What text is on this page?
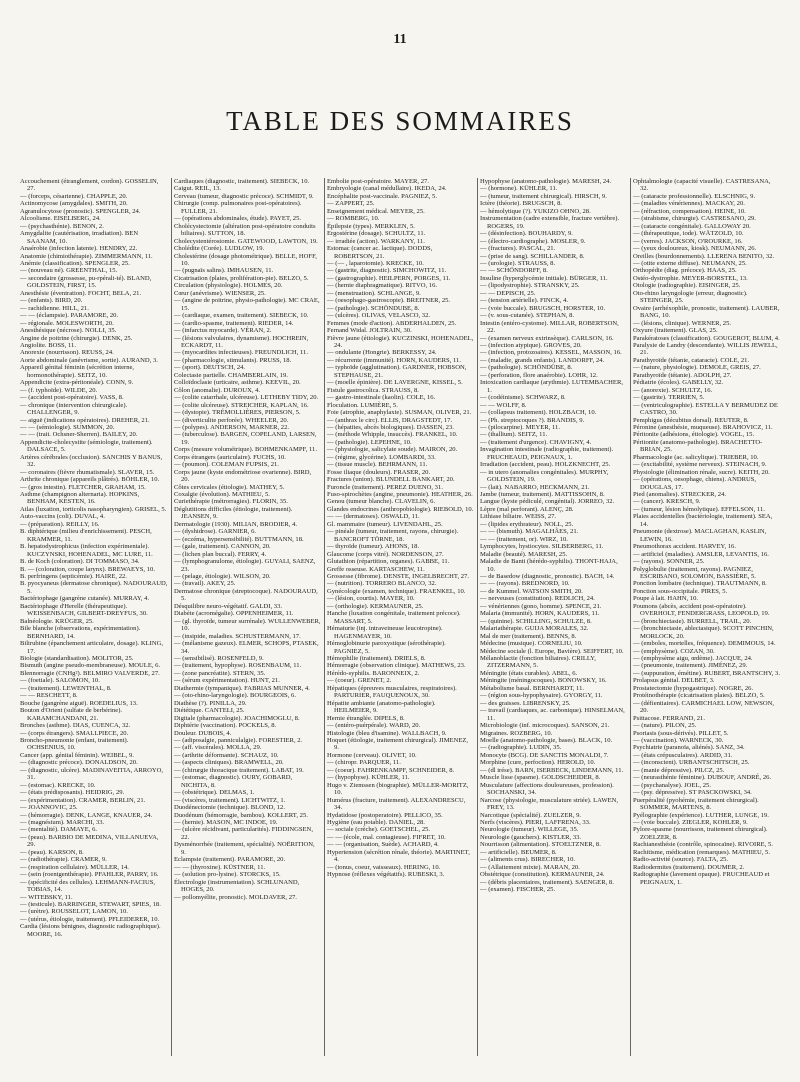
11
TABLE DES SOMMAIRES

Accouchement (étranglement, cordon). GOSSELIN, 27.

— (forceps, césarienne). CHAPPLE, 20.

Actinomycose (amygdales). SMITH, 20.

Agranulocytose (pronostic). SPENGLER, 24.

Alcoolisme. EISELBERG, 24.

— (psychasthénie). BENON, 2.

Amygdalite (cautérisation, irradiation). BEN SAANAM, 10.

Anaérobie (infection latente). HENDRY, 22.

Anatomie (chimiothérapie). ZIMMERMANN, 11.

Anémie (classification). SPENGLER, 25.

— (nouveau né). GREENTHAL, 15.

— secondaire (grossesse, pu-rpérali-té). BLAND, GOLDSTEIN, FIRST, 15.

Anesthésie (éventration). FOCHT, BELA, 21.

— (enfants). BIRD, 20.

— rachidienne. HILL, 21.

— — (éclampsie). PARAMORE, 20.

— régionale. MOLESWORTH, 20.

Anesthésique (nécrose). NOLLI, 35.

Angine de poitrine (chirurgie). DENK, 25.

Angiolite. BOSS, 11.

Anorexie (nourrisson). REUSS, 24.

Aorte abdominale (anévrisme, sortie). AURAND, 3.

Appareil génital féminin (sécrétion interne, hormonothérapie). SEITZ, 10.

Appendicite (extra-péritonéale). CONN, 9.

— (f. typhoïde). WILDE, 20.

— (accident post-opératoire). VASS, 8.

— chronique (intervention chirurgicale). CHALLENGER, 9.

— aiguë (indications opératoires). DREHER, 21.

— — (sémiologie). SUMMON, 20.

— — (trait. Ochsner-Sherren). BAILEY, 20.

Appendicite-cholecystite (sémiologie, traitement). DALSACE, 5.

Artères cérébrales (occlusion). SANCHIS Y BANUS, 32.

— coronaires (fièvre rhumatismale). SLAVER, 15.

Arthrite chronique (appareils plâtrés). BÖHLER, 10.

— (gros intestin). FLETCHER, GRAHAM, 15.

Asthme (champignon alternaria). HOPKINS, BENHAM, KESTEN, 16.

Atlas (luxation, torticolis nasopharyngien). GRISEL, 5.

Auto-vaccins (coli). DUVAL, 4.

— (préparation). REILLY, 16.

B. diphtérique (milieu d'enrichissement). PESCH, KRAMMER, 11.

B. hepatodystrophicus (infection expérimentale). KUCZYNSKI, HOHENADEL, MC LURE, 11.

B. de Koch (coloration). DI TOMMASO, 34.

B. — (coloration, coupe larynx). BREWAEYS, 10.

B. perfringens (septicémie). HAIRE, 22.

B. pyocyaneus (dermatose chronique). NADOURAUD, 5.

Bactériophage (gangrène cutanée). MURRAY, 4.

Bactériophage d'Herelle (thérapeutique). WEISSENBACH, GILBERT-DREYFUS, 30.

Balnéologie. KRÜGER, 25.

Bile blanche (observations, expérimentation). BERNHARD, 14.

Bilirubine (épanchement articulaire, dosage). KLING, 17.

Biologie (standardisation). MOLITOR, 25.

Bismuth (angine pseudo-membraneuse). MOULE, 6.

Blennorragie (CNHg²). BELMIRO VALVERDE, 27.

— (foetiale). SALOMON, 10.

— (traitement). LEWENTHAL, 8.

— — RESCHETT, 8.

Bouche (gangrène aiguë). ROEDELIUS, 13.

Bouton d'Orient (sulfate de berbérine). KARAMCHANDANI, 21.

Bronches (asthme). DIAS, CUENCA, 32.

— (corps étrangers). SMALLPIECE, 20.

Broncho-pneumonie (enfant, traitement). OCHSENIUS, 10.

Cancer (app. génital féminin). WEIBEL, 9.

— (diagnostic précoce). DONALDSON, 20.

— (diagnostic, ulcère). MADINAVEITIA, ARROYO, 31.

— (estomac). KRECKE, 10.

— (états prédisposants). HEIDRIG, 29.

— (expérimentation). CRAMER, BERLIN, 21.

— JOANNOVIC, 25.

— (hémorragie). DENK, LANGE, KNAUER, 24.

— (magnésium). MARCHI, 33.

— (mentalité). DAMAYE, 6.

— (peau). BARBIO DE MEDINA, VILLANUEVA, 29.

— (peau). KARSON, 8.

— (radiothérapie). CRAMER, 9.

— (respiration cellulaire). MÜLLER, 14.

— (sein (roentgenthérapie). PFAHLER, PARRY, 16.

— (spécificité des cellules). LEHMANN-FACIUS, TOBIAS, 14.

— WITEBSKY, 11.

— (testicule). BARRINGER, STEWART, SPIES, 18.

— (urètre). ROUSSELOT, LAMON, 10.

— (utérus, étiologie, traitement). PFLEIDERER, 10.

Cardia (lésions bénignes, diagnostic radiographique). MOORE, 16.

Cardiaques (diagnostic, traitement). SIEBECK, 10.

Caigut. REIL, 13.

Cerveau (tumeur, diagnostic précoce). SCHMIDT, 9.

Chirurgie (comp. pulmonaires post-opératoires). FULLER, 21.

— (opérations abdominales, étude). PAYET, 25.

Cholécystectomie (altération post-opératoire conduits biliaires). SUTTON, 18.

Cholecystentérostomie. GATEWOOD, LAWTON, 19.

Cholédite (Corée). LUDLOW, 19.

Cholestérine (dosage photométrique). BELLE, HOFF, 10.

— (pugnaïs salins). IMHAUSEN, 11.

Cicatrisation (plaies, prolifération-pie). BELZO, 5.

Circulation (physiologie). HOLMES, 20.

Cœur (anévrisme). WIENSER, 25.

— (angine de poitrine, physio-pathologie). MC CRAE, 15.

— (cardiaque, examen, traitement). SIEBECK, 10.

— (cardio-spasme, traitement). RIEDER, 14.

— (infarctus myocarde). VÉRAN, 2.

— (lésions valvulaires, dynamisme). HOCHREIN, ECKARDT, 11.

— (myocardites infectieuses). FREUNDLICH, 11.

— (pharmacologie, stimulants). PRUSS, 18.

— (sport). DEUTSCH, 24.

Colectasie partielle. CHAMBERLAIN, 19.

Colloïdoclasie (urticaire, asthme). KEEVIL, 20.

Côlon (anomalie). DUROUX, 4.

— (colite catarrhale, ulcéreuse). LETHEBY TIDY, 20.

— (colite ulcéreuse). STREICHER, KAPLAN, 16.

— (dystopie). TRÉMOLLIÈRES, PIERSON, 5.

— (diverticulite perforée). WHEELER, 20.

— (polypes). ANDERSON, MARNER, 22.

— (tuberculose). BARGEN, COPELAND, LARSEN, 19.

Corps (mesure volumétrique). BOHMENKAMPF, 11.

Corps étrangers (auriculaire). FUCHS, 10.

— (poumon). COLEMAN FUPSIS, 21.

Corps jaune (kyste endométriose ovarienne). BIRD, 20.

Côtes cervicales (étiologie). MATHEY, 5.

Coxalgie (évolution). MATHIEU, 5.

Curiethérapie (métrorragies). FLORIN, 35.

Déglutitions difficiles (étiologie, traitement). JEANSEN, 9.

Dermatologie (1930). MILIAN, BRODIER, 4.

— (dyshidrose). GARNIER, 6.

— (eczéma, hypersensibilité). BUTTMANN, 18.

— (gale, traitement). CANNON, 20.

— (lichen plan buccal). FERRY, 4.

— (lymphogranulome, étiologie). GUYALI, SAENZ, 23.

— (pelage, étiologie). WILSON, 20.

— (travail). AKEY, 25.

Dermatose chronique (streptocoque). NADOURAUD, 5.

Désquilibre neuro-végétatif. GALDI, 33.

Diabète (acromégalie). OPPENHEIMER, 11.

— (gl. thyroïde, tumeur surrénale). WULLENWEBER, 10.

— (insipide, maladies. SCHUSTERMANN, 17.

— (mélanisme gazeux). ELMER, SCHOPS, PTASEK, 34.

— (sensibilisé). ROSENFELD, 9.

— (traitement, hypophyse). ROSENBAUM, 11.

— (zone pancréatite). STERN, 35.

— (sérum expérimentation). HUNT, 21.

Diathermie (tympanique). FABRIAS MUNNER, 4.

— (oto-rhino-laryngologie). BOURGEOIS, 6.

Diathèse (?). PINILLA, 29.

Diététique. CANTELI, 25.

Digitale (pharmacologie). JOACHIMOGLU, 8.

Diphtérie (vaccination). POCKELS, 8.

Douleur. DUBOIS, 4.

— (adiposalgie, panniculalgie). FORESTIER, 2.

— (aff. viscérales). MOLLA, 29.

— (arthrite déformante). SCHAUZ, 10.

— (aspects cliniques). BRAMWELL, 20.

— (chirurgie thoracique traitement). LABAT, 19.

— (estomac, diagnostic). OURY, GOBARD, NICHITA, 8.

— (obstétrique). DELMAS, 1.

— (viscères, traitement). LICHTWITZ, 1.

Duodénectomie (technique). BLOND, 12.

Duodénum (hémorragie, bambou). KOLLERT, 25.

— (hernie). MASON, MC INDOE, 19.

— (ulcère récidivant, particularités). FIDDINGSEN, 22.

Dysménorrhée (traitement, spécialité). NOËRITION, 9.

Eclampsie (traitement). PARAMORE, 20.

— — (thyroxine). KÜSTNER, 11.

— (solution pro-lysine). STORCKS, 15.

Électrologie (instrumentation). SCHLUNAND, HOGES, 20.

— pollomyélite, pronostic). MOLDAVER, 27.

Embolie post-opératoire. MAYER, 27.

Embryologie (canal médullaire). IKEDA, 24.

Encéphalite post-vaccinale. PAGNIEZ, 5.

— ZAPPERT, 25.

Enseignement médical. MEYER, 25.

— ROMBERG, 10.

Épilepsie (types). MERKLEN, 5.

Ergostérine (dosage). SCHULTZ, 11.

— irradiée (action). WARKANY, 11.

Estomac (cancer ac. lactique). DODDS, ROBERTSON, 21.

— (— , laparotomie). KRECKE, 10.

— (gastrite, diagnostic). SIMCHOWITZ, 11.

— (gastrographie). HEILPERN, PORGES, 11.

— (hernie diaphragmatique). RITVO, 16.

— (menstruation). SCHLANGE, 9.

— (oesophago-gastroscopie). BREITNER, 25.

— (pathologie). SCHÖNDUBE, 8.

— (ulcères). OLIVAS, VELASCO, 32.

Femmes (mode d'action). ABDERHALDEN, 25.

Fernand Widal. JOLTRAIN, 30.

Fièvre jaune (étiologie). KUCZINSKI, HOHENADEL, 24.

— ondulante (Hongrie). BERKESSY, 24.

— récurrente (immunité). HORN, KAUDERS, 11.

— typhoïde (agglutination). GARDNER, HOBSON, STEPHAUSE, 21.

— (moelle épinière). DE LAVERGNE, KISSEL, 5.

Fistule gastrocolica. STRAUSS, 8.

— gastro-intestinale (kaolin). COLE, 16.

Floculation. LUMIÈRE, 5.

Foie (atrophie, anaphylaxie). SUSMAN, OLIVER, 21.

— (anthrax le circ). ELLIS, DRAGSTEDT, 17.

— (hépatites, abcès biologiques). DASSEN, 23.

— (méthode Whipple, insuccès). FRANKEL, 10.

— (pathologie). LEPEHNE, 10.

— (physiologie, salicylate soude). MAIRON, 20.

— (régime, glycérine). LOMBARDI, 33.

— (tissue muscle). BEHRMANN, 11.

Fosse iliaque (douleurs). FRASER, 20.

Fractures (union). BLUNDELL BANKART, 20.

Furoncle (traitement). PEREZ DUENO, 31.

Fuso-spirochètes (angine, pneumonie). HEATHER, 26.

Genou (tumeur blanche). CLAVELIN, 6.

Glandes endocrines (anthropobiologie). RIEBOLD, 10.

— — (dermatoses). OSWALD, 11.

Gl. mammaire (tumeur). LIVENDAHL, 25.

— pinéale (tumeur, traitement, rayons, chirurgie). BANCROFT TÖRNE, 18.

— thyroïde (tumeur). AHONS, 18.

Glaucome (corps vitré). NORDENSON, 27.

Glutathion (répartition, organes). GABBE, 11.

Greffe osseuse. KARTASCHEW, 11.

Grossesse (fibrome). DENSTE, INGELBRECHT, 27.

— (nutrition). TORRERO BLANCO, 32.

Gynécologie (examen, technique). FRAENKEL, 10.

— (lésion, courtis). MAYER, 10.

— (orthologie). KERMAUNER, 25.

Hanche (luxation congénitale, traitement précoce). MASSART, 5.

Hématurie (inj. intraveineuse leucotropine). HAGENMAYER, 10.

Hémoglobinurie paroxystique (sérothérapie). PAGNIEZ, 5.

Hémophilie (traitement). DRIELS, 8.

Hémorragie (observation clinique). MATHEWS, 23.

Hérédo-syphilis. BARONNEIX, 2.

— (coeur). GRENET, 2.

Hépatiques (épreuves musculaires, respiratoires). PARTURIER, FAUQUENOUX, 30.

Hépatite ambiante (anatomo-pathologie). HEILMEIER, 9.

Hernie étranglée. DIPELS, 8.

— (entéro-puérpérale). WARD, 20.

Histologie (bleu d'isamine). WALLBACH, 9.

Hoquet (étiologie, traitement chirurgical). JIMENEZ, 9.

Hormone (cerveau). OLIVET, 10.

— (chiropr. PARQUER, 11.

— (coeur). FAHRENKAMPF, SCHNEIDER, 8.

— (hypophyse). KÜHLER, 11.

Hugo v. Ziemssen (biographie). MÜLLER-MORITZ, 10.

Humérus (fracture, traitement). ALEXANDRESCU, 34.

Hydatidose (postoperatoire). PELLICO, 35.

Hygiène (eau potable). DANIEL, 28.

— sociale (crèche). GOETSCHEL, 25.

— — (école, mal. contagieuse). FIFRET, 10.

— — (organisation, Suède). ACHARD, 4.

Hypertension (sécrétion rénale, théorie). MARTINET, 4.

— (tonus, coeur, vaisseaux). HERING, 10.

Hypnose (réflexes végétatifs). RUBESKI, 3.

Hypophyse (anatomo-pathologie). MARESH, 24.

— (hormone). KÜHLER, 11.

— (tumeur, traitement chirurgical). HIRSCH, 9.

Ictère (théorie). BRUGSCH, 8.

— hémolytique (?). YUKIZO OHNO, 28.

Instrumentation (cadre extensible, fracture vertèbre). ROGERS, 19.

— (désinfection). BOUHARDY, 9.

— (électro-cardiographe). MOSLER, 9.

— (fractures). PASCAL, 21.

— (prise de sang). SCHILLANDER, 8.

— (urologie). STRAUSS, 8.

— — SCHÖNDORFF, 8.

Insuline (hyperglycémie initiale). BÜRGER, 11.

— (lipodystrophie). STRANSKY, 25.

— — DEPISCH, 25.

— (tension artérielle). FINCK, 4.

— (voie buccale). BRUGSCH, HORSTER, 10.

— (v. sous-cutanée). STEPHAN, 8.

Intestin (entéro-cystome). MILLAR, ROBERTSON, 22.

— (examen nerveux extrinsèque). CARLSON, 16.

— (infection atypique). GROVES, 20.

— (infection, protozoaires). KESSEL, MASSON, 16.

— (maladie, grands enfants). LANDORFF, 24.

— (pathologie). SCHÖNDÜBE, 8.

— (perforation, flore anaérobie). LOHR, 12.

Intoxication cardiaque (arythmie). LUTEMBACHER, 1.

— (codéinisme). SCHWARZ, 8.

— — WOLFF, 8.

— (collapsus traitement). HOLZBACH, 10.

— (Ph. streptocoques ?). BRANDIS, 9.

— (pilocarpine). MEYER, 11.

— (thallium). SEITZ, 11.

— (traitement d'urgence). CHAVIGNY, 4.

Invagination intestinale (radiographie, traitement). FRUCHEAUD, PEIGNAUX, 1.

Irradiation (accident, peau). HOLZKNECHT, 25.

— in utero (anomalies congénitales). MURPHY, GOLDSTEIN, 19.

— (lait). NABARRO, HECKMANN, 21.

Jambe (tumeur, traitement). MATTISSOHN, 8.

Langue (kyste pédiculé, congénital). JORREO, 32.

Lèpre (mal perforant). ALENÇ, 28.

Lithiase biliaire. WEISS, 27.

— (lipides erythrateur). NOLL, 25.

— — (bismuth). MAGALHÃES, 21.

— — (traitement, or). WIRZ, 10.

Lymphocytes, hystiocytes. SILBERBERG, 11.

Maladie (beauté). MARESH, 25.

Maladie de Banti (hérédo-syphilis). THONT-HAJA, 10.

— de Basedow (diagnostic, pronostic). BACH, 14.

— — (rayons). BREDNORD, 10.

— de Kummel. WATSON SMITH, 20.

— nerveuses (constitution). REDLICH, 24.

— vénériennes (gono, homme). SPENCE, 21.

Malaria (immunité). HORN, KAUDERS, 11.

— (quinine). SCHILLING, SCHULZE, 8.

Malariathérapie. GUIJA MORALES, 32.

Mal de mer (traitement). BENNS, 8.

Médecine (musique). CORNELIU, 10.

Médecine sociale (l. Europe, Bavière). SEIFFERT, 10.

Mélanoblactie (fonction biliaires). CRILLY, ZITZERMANN, 5.

Méningite (états curables). ABEL, 6.

Méningite (méningocoques). BONOWSKY, 16.

Métabolisme basal. BERNHARDT, 11.

— (région sous-hypophysaire). GYORGY, 11.

— des graisses. LIBRENSKY, 25.

— travail (cardiaques, ac. carbonique). HINSELMAN, 11.

Microbiologie (inf. microcoques). SANSON, 21.

Migraines. ROZBERG, 10.

Moelle (anatomo-pathologie, bases). BLACK, 10.

— (radiographie). LUDIN, 35.

Monocyte (BCG). DE SANCTIS MONALDI, 7.

Morphine (cure, perfoction). HEROLD, 10.

— (dl irése). BARN, ISERBECK, LINDEMANN, 11.

Muscle lisse (spasme). GOLDSCHEIDER, 8.

Musculature (affections douloureuses, profession). SOCHANSKI, 34.

Narcose (physiologie, musculature striée). LAWEN, FREY, 13.

Narcotique (spécialité). ZUELZER, 9.

Nerfs (viscères). PIERI, LAFFRENA, 33.

Neurologie (tumeur). WILLEGE, 35.

Neurologie (gauchers). KISTLER, 33.

Nourrisson (alimentation). STOELTZNER, 8.

— artificielle). BEUMER, 8.

— (aliments crus). BIRECHER, 10.

— (Allaitement mixte). MARAN, 20.

Obstétrique (constitution). KERMAUNER, 24.

— (débris placentaires, traitement). SAENGER, 8.

— (examen). FISCHER, 25.

Ophtalmologie (capacité visuelle). CASTRESANA, 32.

— (cataracte professionnelle). ELSCHNIG, 9.

— (maladies vénériennes). MACKAY, 20.

— (réfraction, compensation). HEINE, 10.

— (strabisme, chirurgie). CASTRESANO, 29.

— (cataracte congénitale). GALLOWAY 20.

— (thérapeutique, iode). WÄTZOLD, 10.

— (verres). JACKSON, O'ROURKE, 16.

— (yeux douloureux, kiosk). NEUMANN, 26.

Oreilles (bourdonnements). LLERENA BENITO, 32.

— (otite externe diffuse). NEUMANN, 25.

Orthopédie (diag. précoce). HAAS, 25.

Ostéo-dystrophie. MEYER-BORSTEL, 13.

Otologie (radiographie). EISINGER, 25.

Oto-rhino laryngologie (erreur, diagnostic). STEINGER, 25.

Ovaire (arrhéxophile, pronostic, traitement). LAUBER, BANG, 10.

— (lésions, clinique). WERNER, 25.

Oxyure (traitement). GLAS, 25.

Parakératoses (classification). GOUGEROT, BLUM, 4.

Paralysie de Landry (descendante). WILLIS JEWELL, 21.

Parathyroïde (tétanie, cataracte). COLE, 21.

— (nature, physiologie). DEMOLE, GREIS, 27.

Parathyroïde (tétanie). ADOLPH, 27.

Pédiatrie (écoles). GABELLY, 32.

— (anorexie). SCHULTZ, 16.

— (gastrite). TERRIEN, 5.

— (ventriculographie). ESTELLA Y BERMUDEZ DE CASTRO, 30.

Pemphigus (décubitus dorsal). REUTER, 8.

Péronine (anesthésie, muqueuse). BRAHOVICZ, 11.

Péritonite (adhésions, étiologie). VOGEL, 15.

Péritonite (anatomo-pathologie). BRACHETTO-BRIAN, 25.

Pharmacologie (ac. salicylique). TRIEBER, 10.

— (excitabilité, système nerveux). STEINACH, 9.

Physiologie (élimination rénale, sucre). KEITH, 20.

— (opérations, oesophage, chiens). ANDRUS, DOUGLAS, 17.

Pied (anomalies). STRECKER, 24.

— (cancer). KRESCH, 9.

— (tumeur, lésion hémolytique). EFFELSON, 11.

Plaies accidentelles (bactériologie, traitement). SEA, 14.

Pneumonie (dextrose). MACLAGHAN, KASLIN, LEWIN, 16.

Pneumothorax accident. HARVEY, 16.

— artificiel (maladies). AMSLER, LEVANTIS, 16.

— (rayons). SONNER, 25.

Polyglobulie (traitement, rayons). PAGNIEZ, ESCRIBANO, SOLOMON, BASSIÈRE, 5.

Ponction lombaire (technique). TRAUTMANN, 8.

Ponction sous-occipitale. PIRES, 5.

Poupe à lait. HAHN, 10.

Poumons (abcès, accident post-opératoire). OVERHOLT, FENDERGRASS, LEOPOLD, 19.

— (bronchiectasie). BURRELL, TRAIL, 20.

— (bronchiectasie, ablectasique). SCOTT PINCHIN, MORLOCK, 20.

— (emboles, mortelles, fréquence). DEMIMOUS, 14.

— (emphysème). COZAN, 30.

— (emphysème aigu, œdème). JACQUE, 24.

— (pneumonie, traitement). JIMÉNEZ, 29.

— (suppuration, émétine). RUBERT, BRANTSCHY, 3.

Prolapsus génital. DELBET, 3.

Prostatectomie (hypogastrique). NOGRE, 26.

Protéinothérapie (cicatrisation plaies). BELZO, 5.

— (défientiaires). CARMICHAEL LOW, NEWSON, 20.

Psittacose. FERRAND, 21.

— (nature). PILON, 25.

Psoriasis (sous-dérivés). PILLET, 5.

— (vaccination). WARNECK, 30.

Psychiatrie (paranoïa, aliénés). SANZ, 34.

— (états crépusculaires). ARDID, 31.

— (inconscient). URBANTSCHITSCH, 25.

— (manie dépressive). PILCZ, 25.

— (neurasthénie féminine). DUBOUF, ANDRÉ, 26.

— (psychanalyse). JOEL, 25.

— (psy. dépressive). ST PASCKOWSKI, 34.

Puerpéralité (pyohémie, traitement chirurgical). SOMMER, MARTENS, 8.

Pyélographie (expérience). LUTHER, LUNGE, 19.

— (voie buccale). ZIEGLER, KOHLER, 9.

Pylore-spasme (nourrisson, traitement chirurgical). ZOELZER, 8.

Rachianesthésie (contrôle, spinocaïne). RIVOIRE, 5.

Rachitisme, médication (remarques). MATHIEU, 5.

Radio-activité (source). FALTA, 25.

Radiodermites (traitement). DOUMER, 2.

Radiographie (lavement opaque). FRUCHEAUD et PEIGNAUX, 1.
